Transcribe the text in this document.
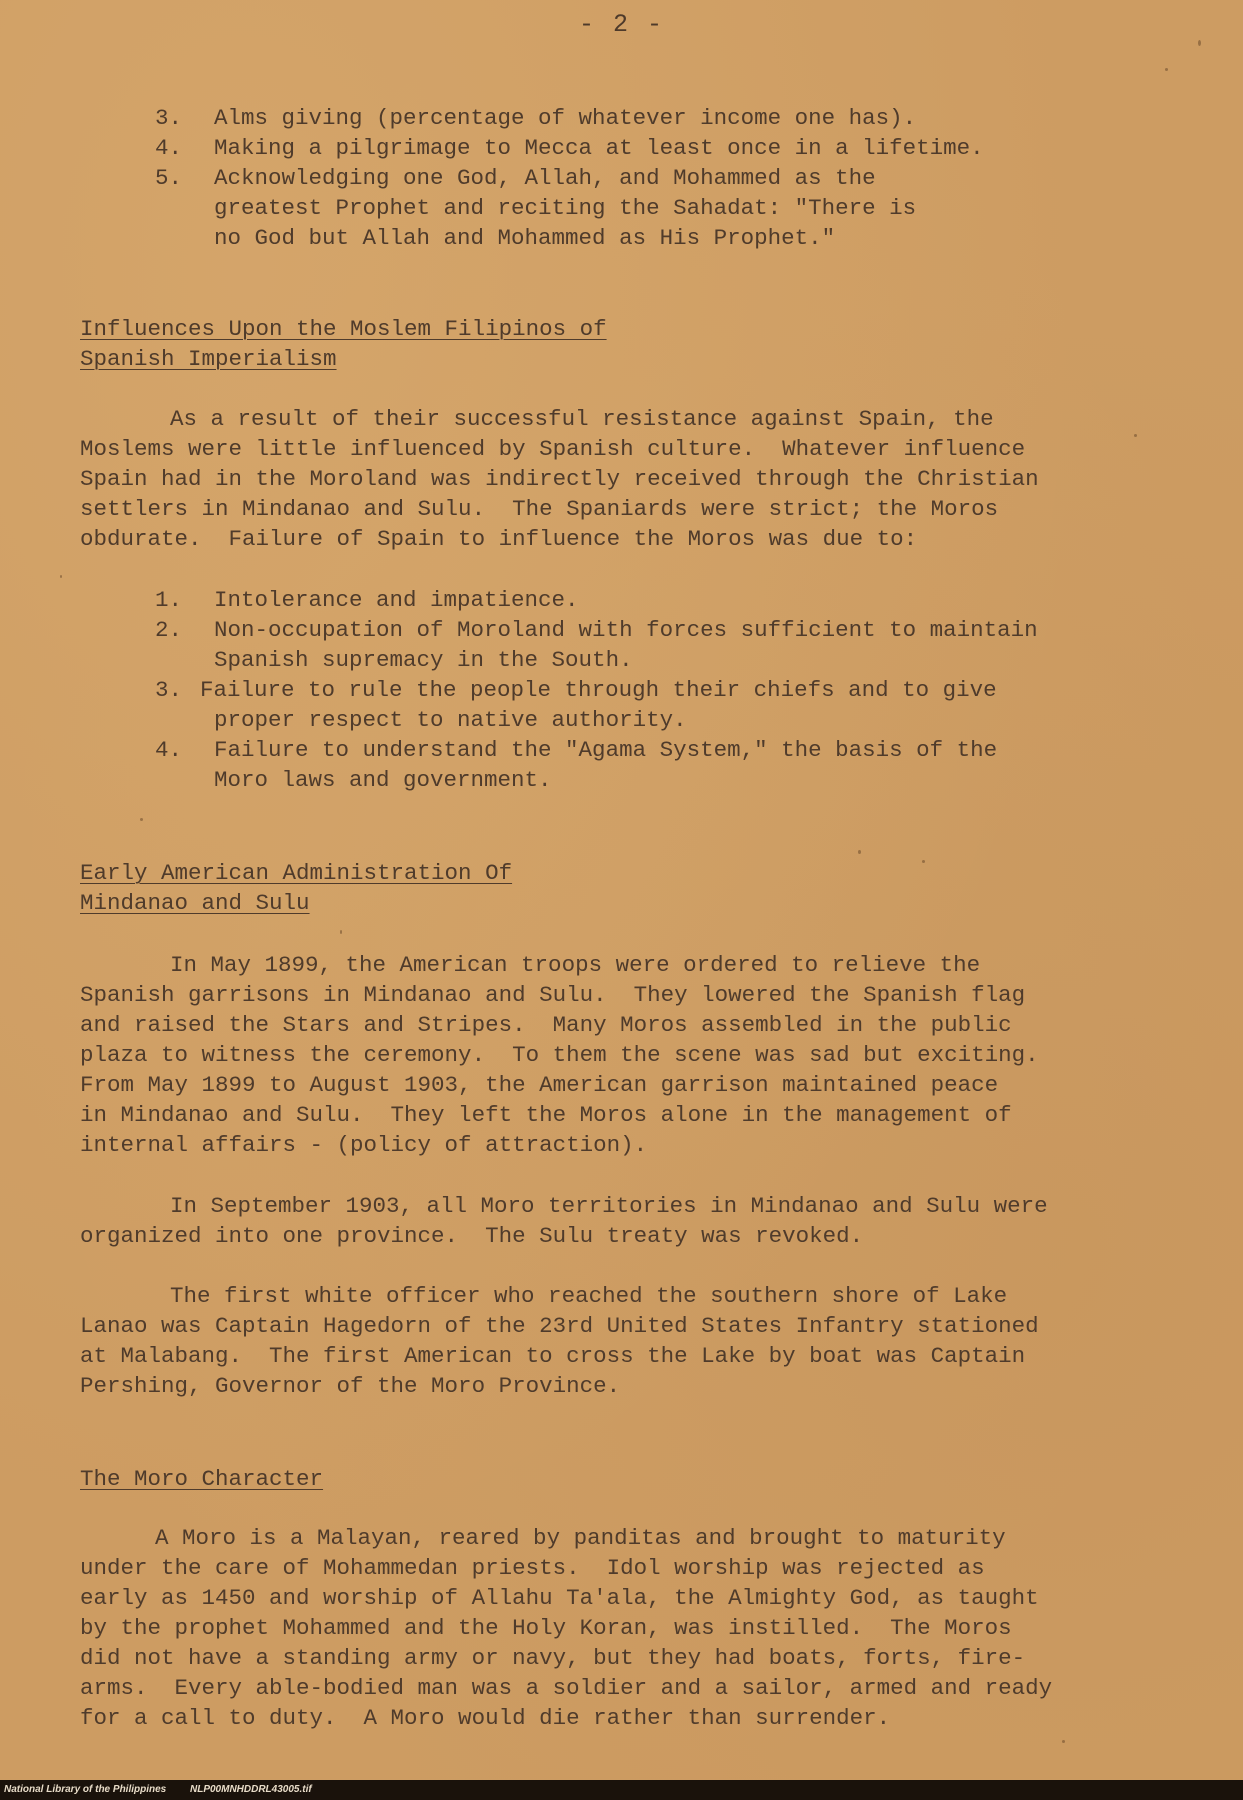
- 2 -
3. Alms giving (percentage of whatever income one has).
4. Making a pilgrimage to Mecca at least once in a lifetime.
5. Acknowledging one God, Allah, and Mohammed as the
greatest Prophet and reciting the Sahadat: "There is
no God but Allah and Mohammed as His Prophet."
Influences Upon the Moslem Filipinos of
Spanish Imperialism
As a result of their successful resistance against Spain, the
Moslems were little influenced by Spanish culture.  Whatever influence
Spain had in the Moroland was indirectly received through the Christian
settlers in Mindanao and Sulu.  The Spaniards were strict; the Moros
obdurate.  Failure of Spain to influence the Moros was due to:
1. Intolerance and impatience.
2. Non-occupation of Moroland with forces sufficient to maintain
Spanish supremacy in the South.
3. Failure to rule the people through their chiefs and to give
proper respect to native authority.
4. Failure to understand the "Agama System," the basis of the
Moro laws and government.
Early American Administration Of
Mindanao and Sulu
In May 1899, the American troops were ordered to relieve the
Spanish garrisons in Mindanao and Sulu.  They lowered the Spanish flag
and raised the Stars and Stripes.  Many Moros assembled in the public
plaza to witness the ceremony.  To them the scene was sad but exciting.
From May 1899 to August 1903, the American garrison maintained peace
in Mindanao and Sulu.  They left the Moros alone in the management of
internal affairs - (policy of attraction).
In September 1903, all Moro territories in Mindanao and Sulu were
organized into one province.  The Sulu treaty was revoked.
The first white officer who reached the southern shore of Lake
Lanao was Captain Hagedorn of the 23rd United States Infantry stationed
at Malabang.  The first American to cross the Lake by boat was Captain
Pershing, Governor of the Moro Province.
The Moro Character
A Moro is a Malayan, reared by panditas and brought to maturity
under the care of Mohammedan priests.  Idol worship was rejected as
early as 1450 and worship of Allahu Ta'ala, the Almighty God, as taught
by the prophet Mohammed and the Holy Koran, was instilled.  The Moros
did not have a standing army or navy, but they had boats, forts, fire-
arms.  Every able-bodied man was a soldier and a sailor, armed and ready
for a call to duty.  A Moro would die rather than surrender.
National Library of the Philippines NLP00MNHDDRL43005.tif
